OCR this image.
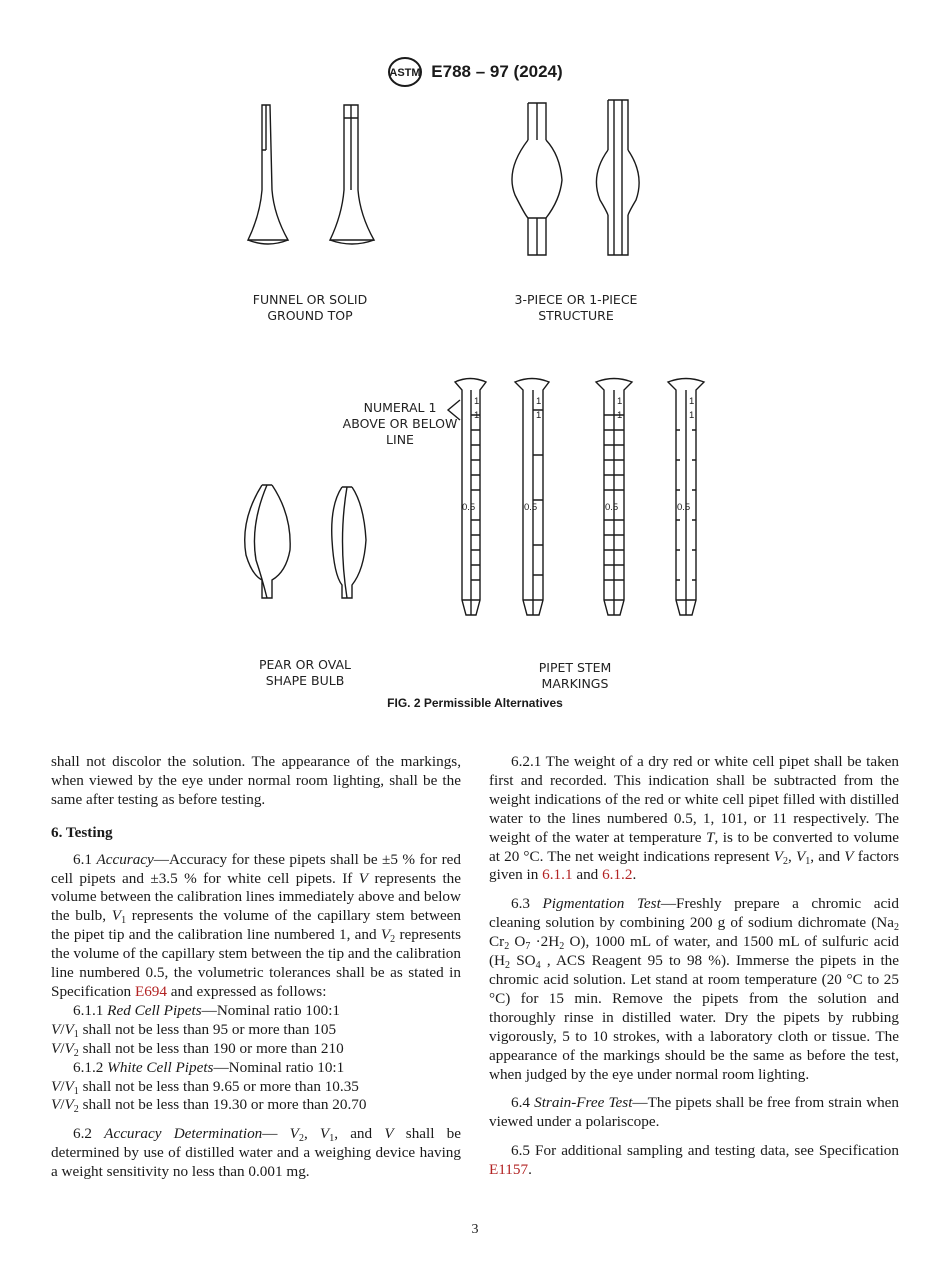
ASTM E788 – 97 (2024)
1
1
0.5
1
1
0.5
1
1
0.5
1
1
0.5
FUNNEL OR SOLID
GROUND TOP
3-PIECE OR 1-PIECE
STRUCTURE
NUMERAL 1
ABOVE OR BELOW
LINE
PEAR OR OVAL
SHAPE BULB
PIPET STEM
MARKINGS
FIG. 2 Permissible Alternatives

shall not discolor the solution. The appearance of the markings, when viewed by the eye under normal room lighting, shall be the same after testing as before testing.

6. Testing

6.1 Accuracy—Accuracy for these pipets shall be ±5 % for red cell pipets and ±3.5 % for white cell pipets. If V represents the volume between the calibration lines immediately above and below the bulb, $V_1$ represents the volume of the capillary stem between the pipet tip and the calibration line numbered 1, and $V_2$ represents the volume of the capillary stem between the tip and the calibration line numbered 0.5, the volumetric tolerances shall be as stated in Specification E694 and expressed as follows:

6.1.1 Red Cell Pipets—Nominal ratio 100:1

$V/V_1$ shall not be less than 95 or more than 105

$V/V_2$ shall not be less than 190 or more than 210

6.1.2 White Cell Pipets—Nominal ratio 10:1

$V/V_1$ shall not be less than 9.65 or more than 10.35

$V/V_2$ shall not be less than 19.30 or more than 20.70

6.2 Accuracy Determination— $V_2$, $V_1$, and V shall be determined by use of distilled water and a weighing device having a weight sensitivity no less than 0.001 mg.

6.2.1 The weight of a dry red or white cell pipet shall be taken first and recorded. This indication shall be subtracted from the weight indications of the red or white cell pipet filled with distilled water to the lines numbered 0.5, 1, 101, or 11 respectively. The weight of the water at temperature T, is to be converted to volume at 20 °C. The net weight indications represent $V_2$, $V_1$, and V factors given in 6.1.1 and 6.1.2.

6.3 Pigmentation Test—Freshly prepare a chromic acid cleaning solution by combining 200 g of sodium dichromate ($Na_2$ $Cr_2$ $O_7 \cdot 2H_2$ O), 1000 mL of water, and 1500 mL of sulfuric acid ($H_2$ $SO_4$ , ACS Reagent 95 to 98 %). Immerse the pipets in the chromic acid solution. Let stand at room temperature (20 °C to 25 °C) for 15 min. Remove the pipets from the solution and thoroughly rinse in distilled water. Dry the pipets by rubbing vigorously, 5 to 10 strokes, with a laboratory cloth or tissue. The appearance of the markings should be the same as before the test, when judged by the eye under normal room lighting.

6.4 Strain-Free Test—The pipets shall be free from strain when viewed under a polariscope.

6.5 For additional sampling and testing data, see Specification E1157.

3
